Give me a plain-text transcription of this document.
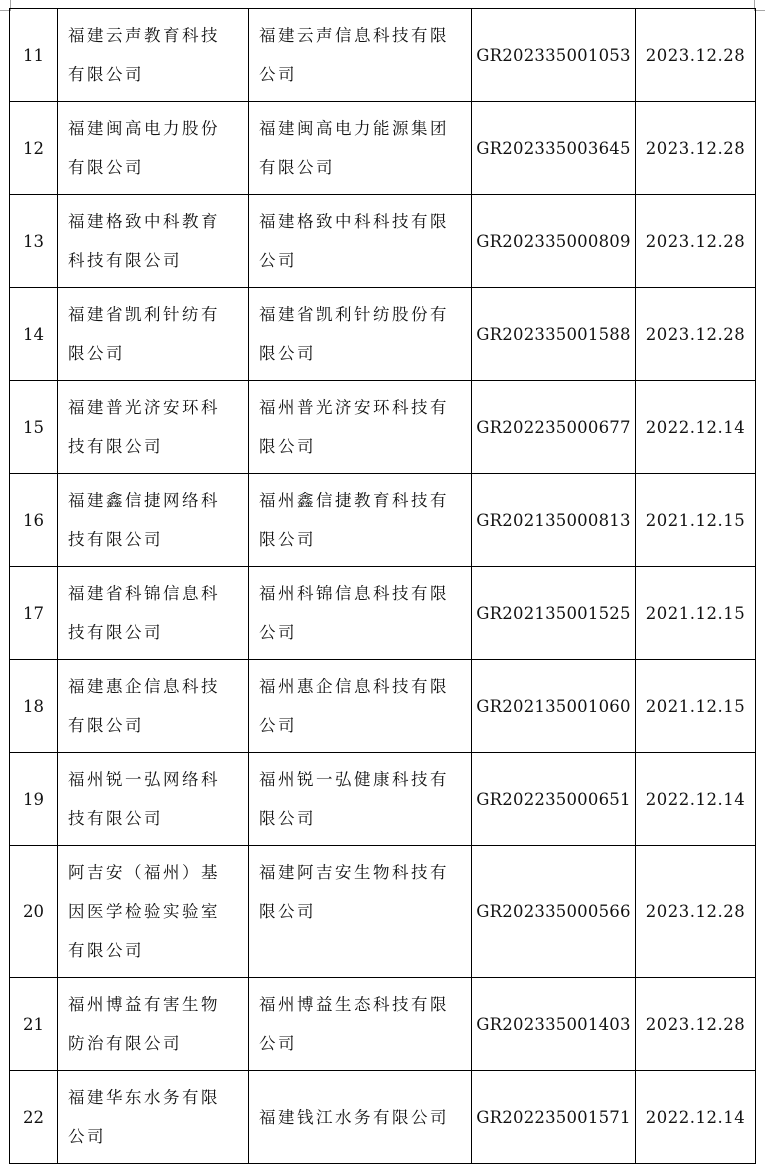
11	福建云声教育科技有限公司	福建云声信息科技有限公司	GR202335001053	2023.12.28
12	福建闽高电力股份有限公司	福建闽高电力能源集团有限公司	GR202335003645	2023.12.28
13	福建格致中科教育科技有限公司	福建格致中科科技有限公司	GR202335000809	2023.12.28
14	福建省凯利针纺有限公司	福建省凯利针纺股份有限公司	GR202335001588	2023.12.28
15	福建普光济安环科技有限公司	福州普光济安环科技有限公司	GR202235000677	2022.12.14
16	福建鑫信捷网络科技有限公司	福州鑫信捷教育科技有限公司	GR202135000813	2021.12.15
17	福建省科锦信息科技有限公司	福州科锦信息科技有限公司	GR202135001525	2021.12.15
18	福建惠企信息科技有限公司	福州惠企信息科技有限公司	GR202135001060	2021.12.15
19	福州锐一弘网络科技有限公司	福州锐一弘健康科技有限公司	GR202235000651	2022.12.14
20	阿吉安（福州）基因医学检验实验室有限公司	福建阿吉安生物科技有限公司	GR202335000566	2023.12.28
21	福州博益有害生物防治有限公司	福州博益生态科技有限公司	GR202335001403	2023.12.28
22	福建华东水务有限公司	福建钱江水务有限公司	GR202235001571	2022.12.14
